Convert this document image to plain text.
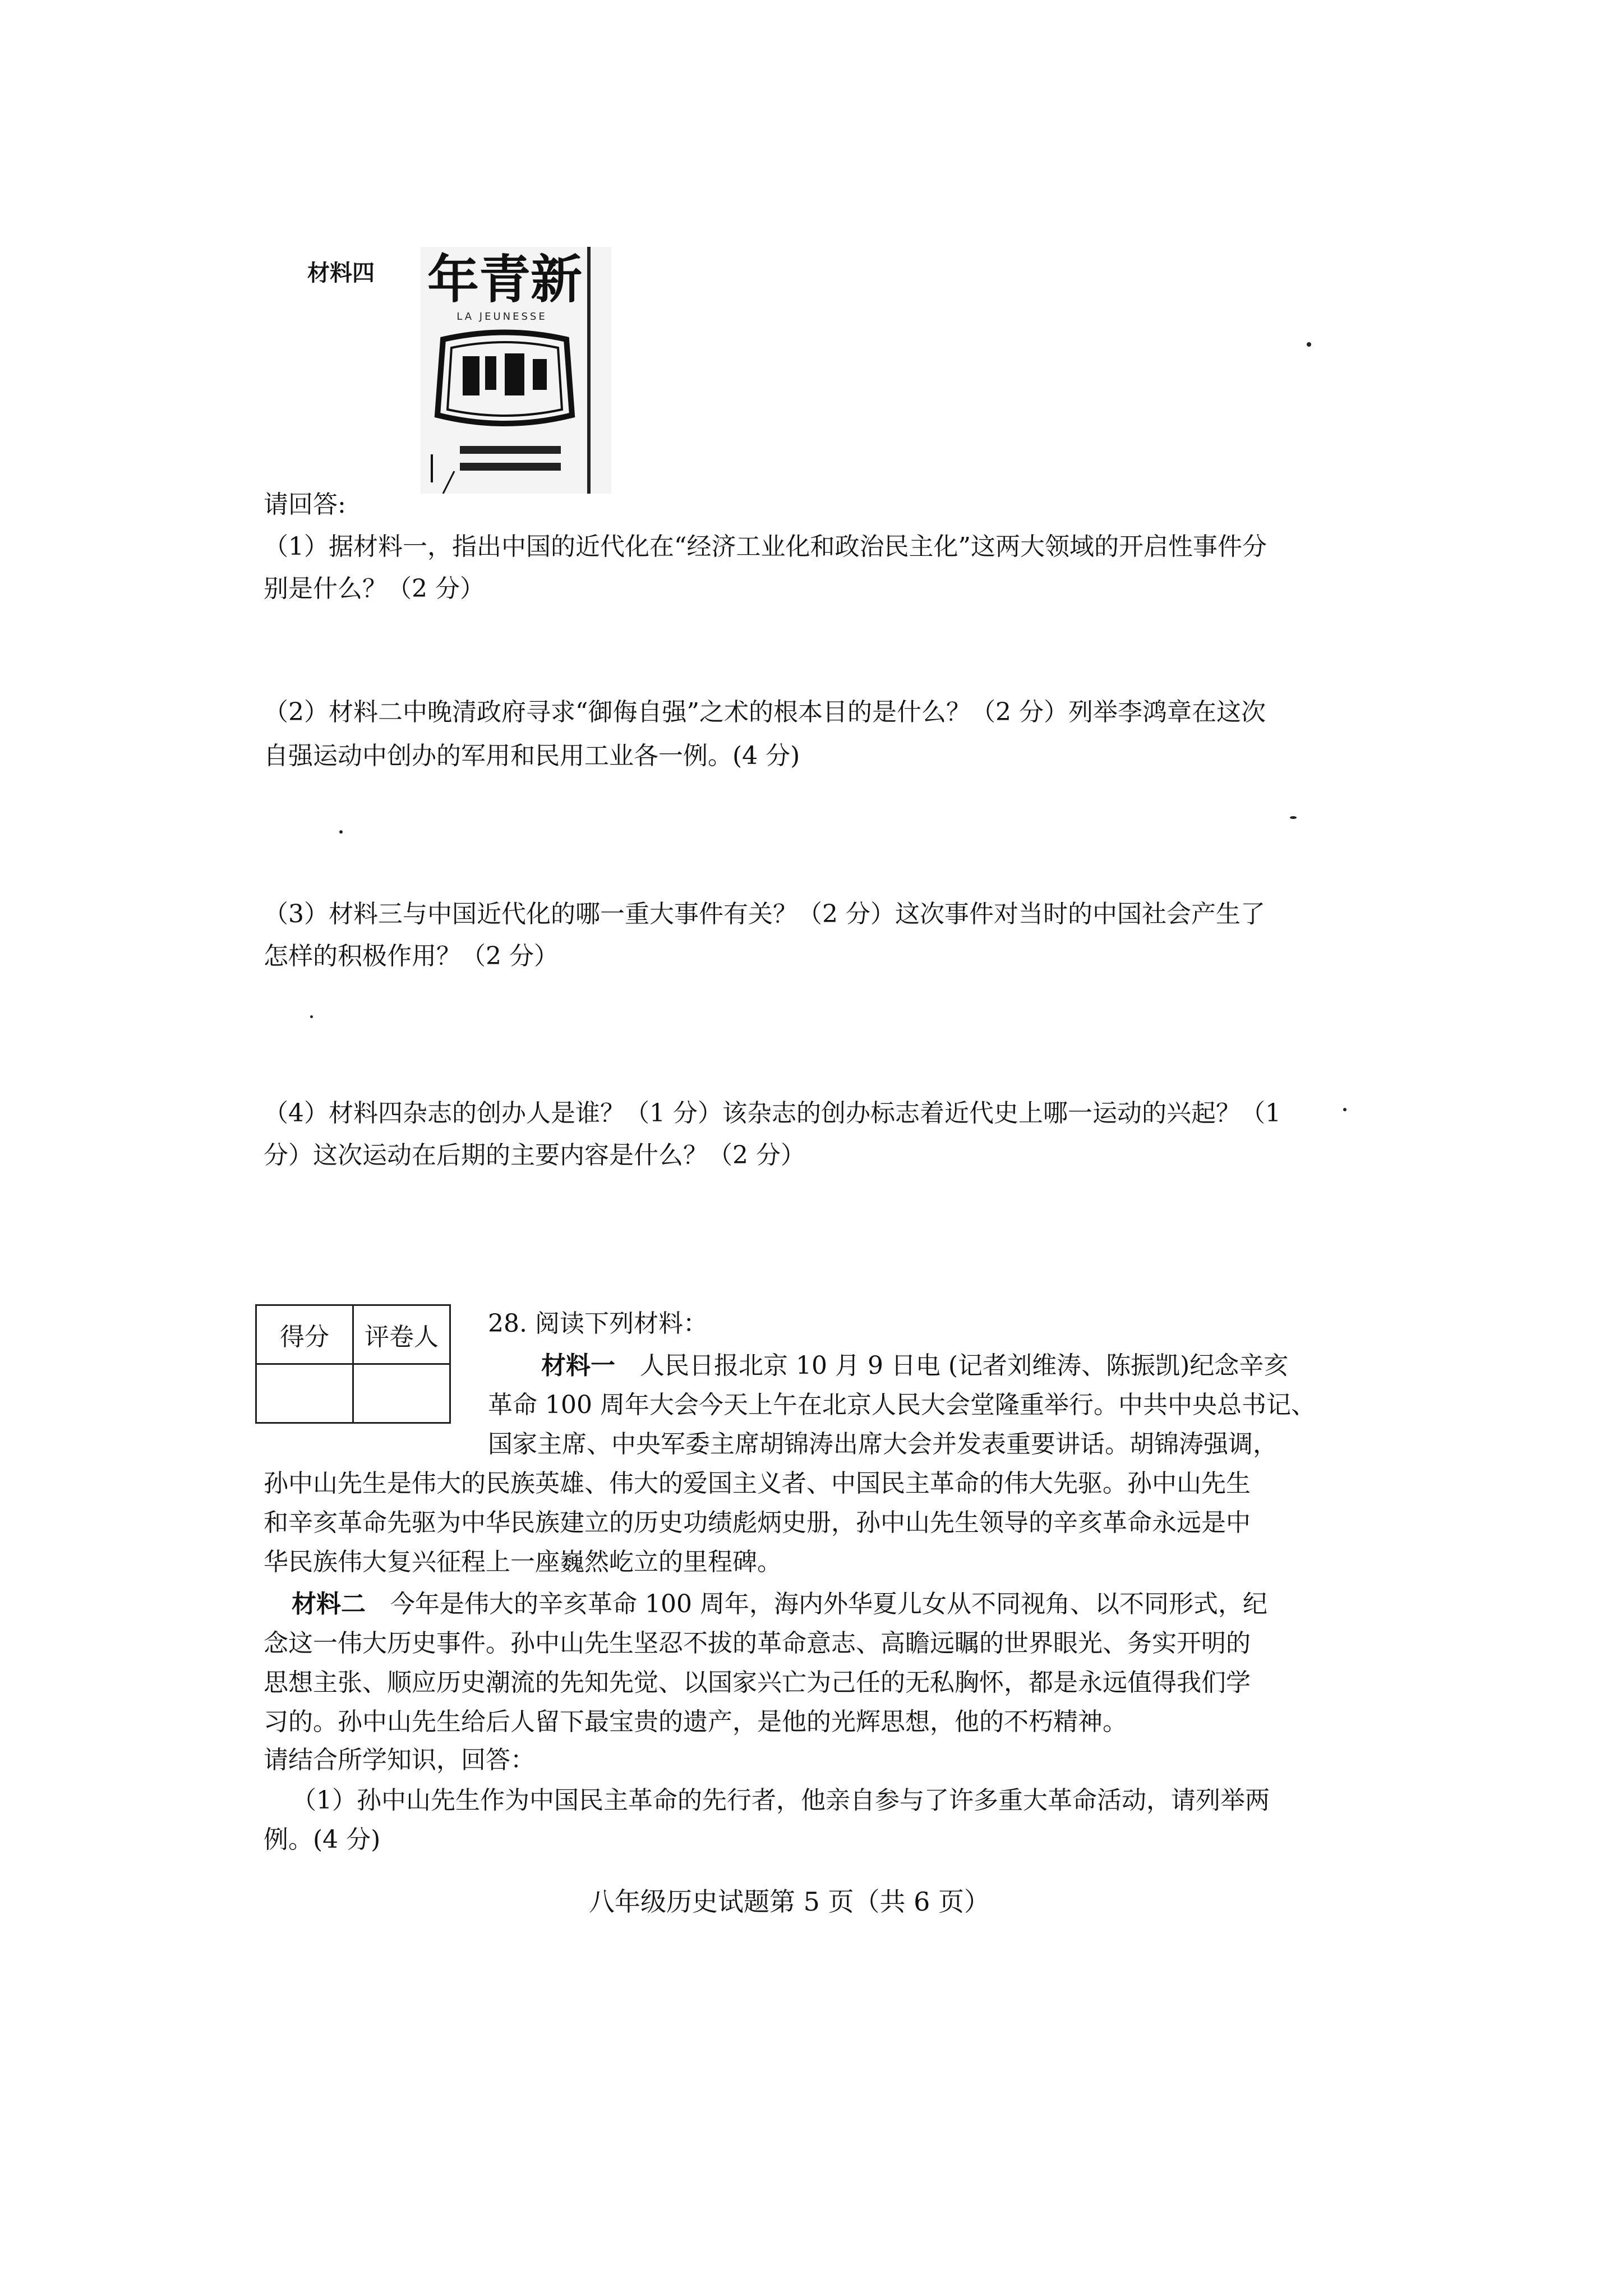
材料四 年青新
LA JEUNESSE
请回答:
（1）据材料一，指出中国的近代化在“经济工业化和政治民主化”这两大领域的开启性事件分
别是什么？（2 分）
（2）材料二中晚清政府寻求“御侮自强”之术的根本目的是什么？（2 分）列举李鸿章在这次
自强运动中创办的军用和民用工业各一例。(4 分)
（3）材料三与中国近代化的哪一重大事件有关？（2 分）这次事件对当时的中国社会产生了
怎样的积极作用？（2 分）
（4）材料四杂志的创办人是谁？（1 分）该杂志的创办标志着近代史上哪一运动的兴起？（1
分）这次运动在后期的主要内容是什么？（2 分）
得分	评卷人
	28. 阅读下列材料：
材料一 人民日报北京 10 月 9 日电 (记者刘维涛、陈振凯)纪念辛亥
革命 100 周年大会今天上午在北京人民大会堂隆重举行。中共中央总书记、
国家主席、中央军委主席胡锦涛出席大会并发表重要讲话。胡锦涛强调，
孙中山先生是伟大的民族英雄、伟大的爱国主义者、中国民主革命的伟大先驱。孙中山先生
和辛亥革命先驱为中华民族建立的历史功绩彪炳史册，孙中山先生领导的辛亥革命永远是中
华民族伟大复兴征程上一座巍然屹立的里程碑。
材料二 今年是伟大的辛亥革命 100 周年，海内外华夏儿女从不同视角、以不同形式，纪
念这一伟大历史事件。孙中山先生坚忍不拔的革命意志、高瞻远瞩的世界眼光、务实开明的
思想主张、顺应历史潮流的先知先觉、以国家兴亡为己任的无私胸怀，都是永远值得我们学
习的。孙中山先生给后人留下最宝贵的遗产，是他的光辉思想，他的不朽精神。
请结合所学知识，回答：
（1）孙中山先生作为中国民主革命的先行者，他亲自参与了许多重大革命活动，请列举两
例。(4 分)
八年级历史试题第 5 页（共 6 页）
